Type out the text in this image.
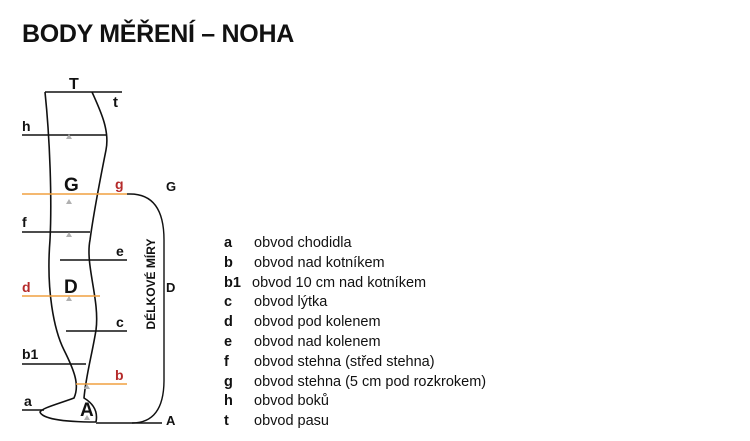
BODY MĚŘENÍ – NOHA
T
t
h
G	g
f
e
d D
c
b1
b
a	A
G
D
A
DÉLKOVÉ MÍRY	a obvod chodidla
b obvod nad kotníkem
b1 obvod 10 cm nad kotníkem
c obvod lýtka
d obvod pod kolenem
e obvod nad kolenem
f obvod stehna (střed stehna)
g obvod stehna (5 cm pod rozkrokem)
h obvod boků
t obvod pasu
